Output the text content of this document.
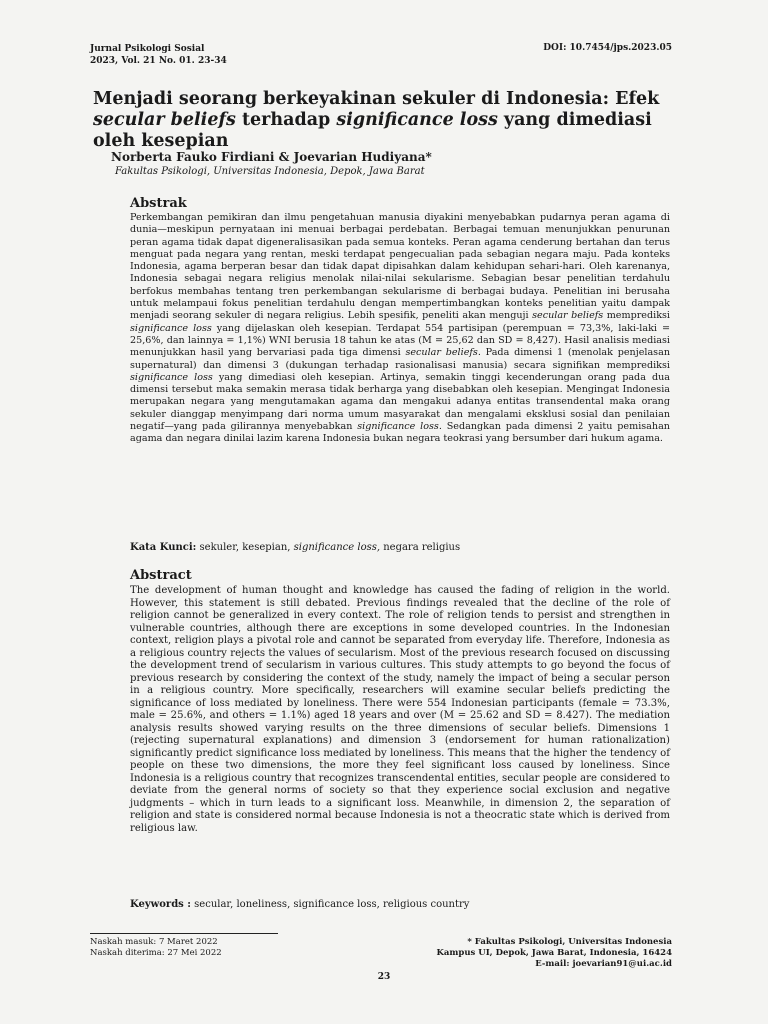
Jurnal Psikologi Sosial
2023, Vol. 21 No. 01. 23-34
DOI: 10.7454/jps.2023.05
Menjadi seorang berkeyakinan sekuler di Indonesia: Efek secular beliefs terhadap significance loss yang dimediasi oleh kesepian
Norberta Fauko Firdiani & Joevarian Hudiyana*
Fakultas Psikologi, Universitas Indonesia, Depok, Jawa Barat
Abstrak
Perkembangan pemikiran dan ilmu pengetahuan manusia diyakini menyebabkan pudarnya peran agama di dunia—meskipun pernyataan ini menuai berbagai perdebatan. Berbagai temuan menunjukkan penurunan peran agama tidak dapat digeneralisasikan pada semua konteks. Peran agama cenderung bertahan dan terus menguat pada negara yang rentan, meski terdapat pengecualian pada sebagian negara maju. Pada konteks Indonesia, agama berperan besar dan tidak dapat dipisahkan dalam kehidupan sehari-hari. Oleh karenanya, Indonesia sebagai negara religius menolak nilai-nilai sekularisme. Sebagian besar penelitian terdahulu berfokus membahas tentang tren perkembangan sekularisme di berbagai budaya. Penelitian ini berusaha untuk melampaui fokus penelitian terdahulu dengan mempertimbangkan konteks penelitian yaitu dampak menjadi seorang sekuler di negara religius. Lebih spesifik, peneliti akan menguji secular beliefs memprediksi significance loss yang dijelaskan oleh kesepian. Terdapat 554 partisipan (perempuan = 73,3%, laki-laki = 25,6%, dan lainnya = 1,1%) WNI berusia 18 tahun ke atas (M = 25,62 dan SD = 8,427). Hasil analisis mediasi menunjukkan hasil yang bervariasi pada tiga dimensi secular beliefs. Pada dimensi 1 (menolak penjelasan supernatural) dan dimensi 3 (dukungan terhadap rasionalisasi manusia) secara signifikan memprediksi significance loss yang dimediasi oleh kesepian. Artinya, semakin tinggi kecenderungan orang pada dua dimensi tersebut maka semakin merasa tidak berharga yang disebabkan oleh kesepian. Mengingat Indonesia merupakan negara yang mengutamakan agama dan mengakui adanya entitas transendental maka orang sekuler dianggap menyimpang dari norma umum masyarakat dan mengalami eksklusi sosial dan penilaian negatif—yang pada gilirannya menyebabkan significance loss. Sedangkan pada dimensi 2 yaitu pemisahan agama dan negara dinilai lazim karena Indonesia bukan negara teokrasi yang bersumber dari hukum agama.
Kata Kunci: sekuler, kesepian, significance loss, negara religius
Abstract
The development of human thought and knowledge has caused the fading of religion in the world. However, this statement is still debated. Previous findings revealed that the decline of the role of religion cannot be generalized in every context. The role of religion tends to persist and strengthen in vulnerable countries, although there are exceptions in some developed countries. In the Indonesian context, religion plays a pivotal role and cannot be separated from everyday life. Therefore, Indonesia as a religious country rejects the values of secularism. Most of the previous research focused on discussing the development trend of secularism in various cultures. This study attempts to go beyond the focus of previous research by considering the context of the study, namely the impact of being a secular person in a religious country. More specifically, researchers will examine secular beliefs predicting the significance of loss mediated by loneliness. There were 554 Indonesian participants (female = 73.3%, male = 25.6%, and others = 1.1%) aged 18 years and over (M = 25.62 and SD = 8.427). The mediation analysis results showed varying results on the three dimensions of secular beliefs. Dimensions 1 (rejecting supernatural explanations) and dimension 3 (endorsement for human rationalization) significantly predict significance loss mediated by loneliness. This means that the higher the tendency of people on these two dimensions, the more they feel significant loss caused by loneliness. Since Indonesia is a religious country that recognizes transcendental entities, secular people are considered to deviate from the general norms of society so that they experience social exclusion and negative judgments – which in turn leads to a significant loss. Meanwhile, in dimension 2, the separation of religion and state is considered normal because Indonesia is not a theocratic state which is derived from religious law.
Keywords : secular, loneliness, significance loss, religious country
Naskah masuk: 7 Maret 2022
Naskah diterima: 27 Mei 2022
* Fakultas Psikologi, Universitas Indonesia
Kampus UI, Depok, Jawa Barat, Indonesia, 16424
E-mail: joevarian91@ui.ac.id
23
